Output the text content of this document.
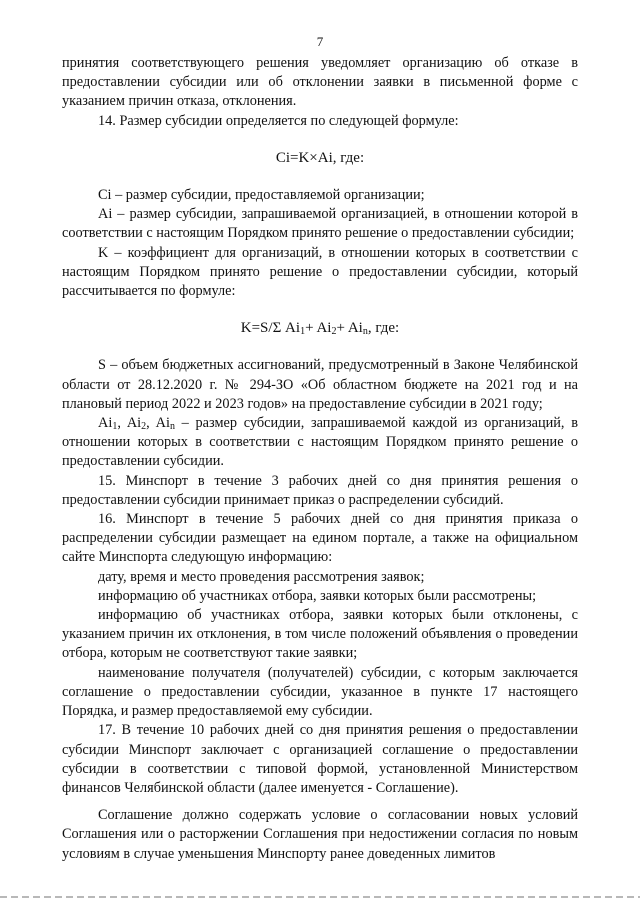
7

принятия соответствующего решения уведомляет организацию об отказе в предоставлении субсидии или об отклонении заявки в письменной форме с указанием причин отказа, отклонения.

14. Размер субсидии определяется по следующей формуле:

Ci=K×Ai, где:

Ci – размер субсидии, предоставляемой организации;

Ai – размер субсидии, запрашиваемой организацией, в отношении которой в соответствии с настоящим Порядком принято решение о предоставлении субсидии;

K – коэффициент для организаций, в отношении которых в соответствии с настоящим Порядком принято решение о предоставлении субсидии, который рассчитывается по формуле:

K=S/Σ $Ai_1+ Ai_2+ Ai_n$, где:

S – объем бюджетных ассигнований, предусмотренный в Законе Челябинской области от 28.12.2020 г. № 294-ЗО «Об областном бюджете на 2021 год и на плановый период 2022 и 2023 годов» на предоставление субсидии в 2021 году;

$Ai_1$, $Ai_2$, $Ai_n$ – размер субсидии, запрашиваемой каждой из организаций, в отношении которых в соответствии с настоящим Порядком принято решение о предоставлении субсидии.

15. Минспорт в течение 3 рабочих дней со дня принятия решения о предоставлении субсидии принимает приказ о распределении субсидий.

16. Минспорт в течение 5 рабочих дней со дня принятия приказа о распределении субсидии размещает на едином портале, а также на официальном сайте Минспорта следующую информацию:

дату, время и место проведения рассмотрения заявок;

информацию об участниках отбора, заявки которых были рассмотрены;

информацию об участниках отбора, заявки которых были отклонены, с указанием причин их отклонения, в том числе положений объявления о проведении отбора, которым не соответствуют такие заявки;

наименование получателя (получателей) субсидии, с которым заключается соглашение о предоставлении субсидии, указанное в пункте 17 настоящего Порядка, и размер предоставляемой ему субсидии.

17. В течение 10 рабочих дней со дня принятия решения о предоставлении субсидии Минспорт заключает с организацией соглашение о предоставлении субсидии в соответствии с типовой формой, установленной Министерством финансов Челябинской области (далее именуется - Соглашение).

Соглашение должно содержать условие о согласовании новых условий Соглашения или о расторжении Соглашения при недостижении согласия по новым условиям в случае уменьшения Минспорту ранее доведенных лимитов
